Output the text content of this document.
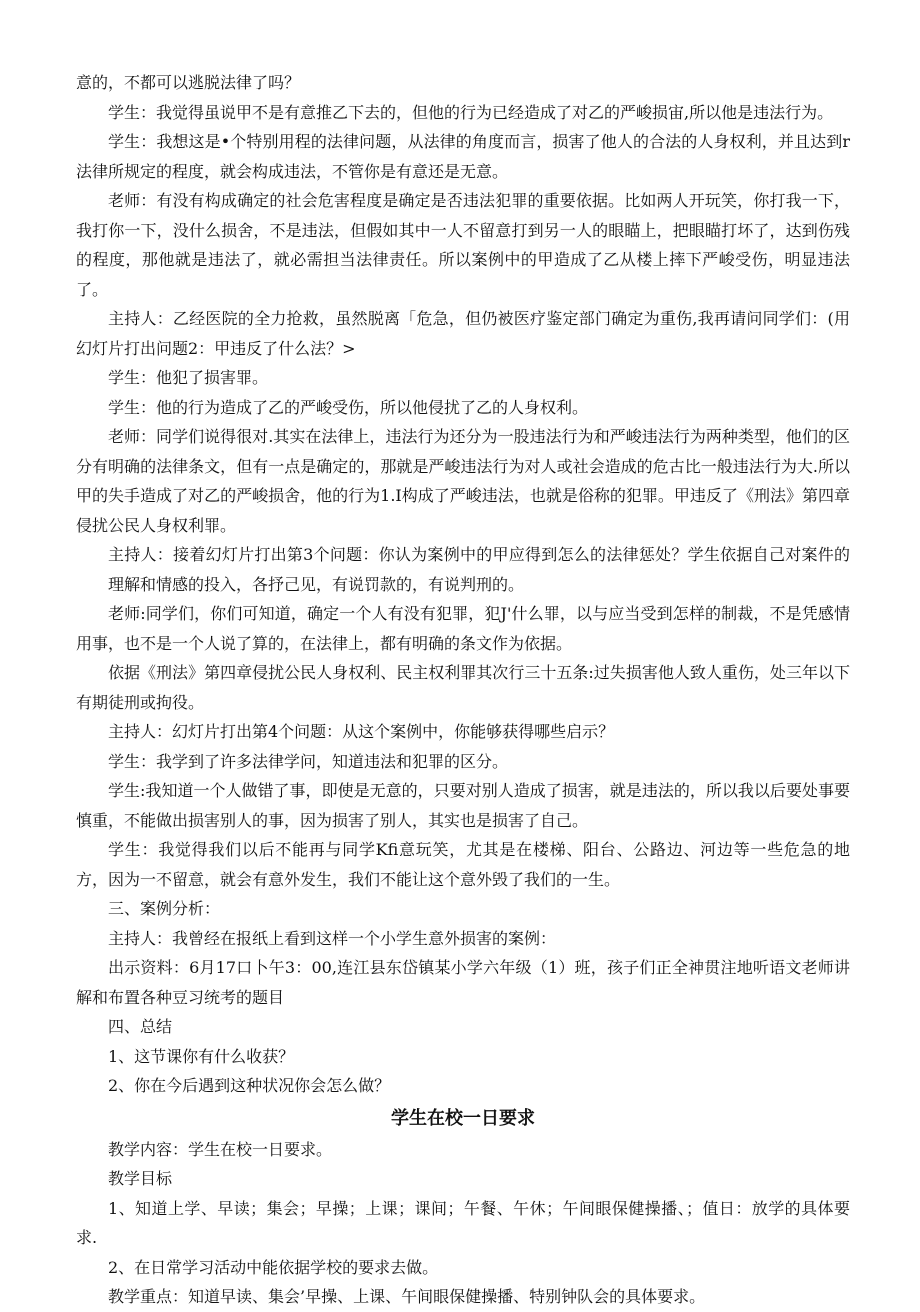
意的，不都可以逃脱法律了吗？

学生：我觉得虽说甲不是有意推乙下去的，但他的行为已经造成了对乙的严峻损宙,所以他是违法行为。

学生：我想这是•个特别用程的法律问题，从法律的角度而言，损害了他人的合法的人身权利，并且达到r法律所规定的程度，就会构成违法，不管你是有意还是无意。

老师：有没有构成确定的社会危害程度是确定是否违法犯罪的重要依据。比如两人开玩笑，你打我一下，我打你一下，没什么损舍，不是违法，但假如其中一人不留意打到另一人的眼瞄上，把眼瞄打坏了，达到伤残的程度，那他就是违法了，就必需担当法律责任。所以案例中的甲造成了乙从楼上摔下严峻受伤，明显违法了。

主持人：乙经医院的全力抢救，虽然脱离「危急，但仍被医疗鉴定部门确定为重伤,我再请问同学们：(用幻灯片打出问题2：甲违反了什么法？>

学生：他犯了损害罪。

学生：他的行为造成了乙的严峻受伤，所以他侵扰了乙的人身权利。

老师：同学们说得很对.其实在法律上，违法行为还分为一股违法行为和严峻违法行为两种类型，他们的区分有明确的法律条文，但有一点是确定的，那就是严峻违法行为对人或社会造成的危古比一般违法行为大.所以甲的失手造成了对乙的严峻损舍，他的行为1.I构成了严峻违法，也就是俗称的犯罪。甲违反了《刑法》第四章侵扰公民人身权利罪。

主持人：接着幻灯片打出第3个问题：你认为案例中的甲应得到怎么的法律惩处？学生依据自己对案件的理解和情感的投入，各抒己见，有说罚款的，有说判刑的。

老师:同学们，你们可知道，确定一个人有没有犯罪，犯J'什么罪，以与应当受到怎样的制裁，不是凭感情用事，也不是一个人说了算的，在法律上，都有明确的条文作为依据。

依据《刑法》第四章侵扰公民人身权利、民主权利罪其次行三十五条:过失损害他人致人重伤，处三年以下有期徒刑或拘役。

主持人：幻灯片打出第4个问题：从这个案例中，你能够获得哪些启示？

学生：我学到了许多法律学问，知道违法和犯罪的区分。

学生:我知道一个人做错了事，即使是无意的，只要对别人造成了损害，就是违法的，所以我以后要处事要慎重，不能做出损害别人的事，因为损害了别人，其实也是损害了自己。

学生：我觉得我们以后不能再与同学Kfi意玩笑，尤其是在楼梯、阳台、公路边、河边等一些危急的地方，因为一不留意，就会有意外发生，我们不能让这个意外毁了我们的一生。

三、案例分析：

主持人：我曾经在报纸上看到这样一个小学生意外损害的案例：

出示资料：6月17口卜午3：00,连江县东岱镇某小学六年级（1）班，孩子们正全神贯注地听语文老师讲解和布置各种豆习统考的题目

四、总结

1、这节课你有什么收获？

2、你在今后遇到这种状况你会怎么做？

学生在校一日要求

教学内容：学生在校一日要求。

教学目标

1、知道上学、早读；集会；早操；上课；课间；午餐、午休；午间眼保健操播、；值日：放学的具体要求.

2、在日常学习活动中能依据学校的要求去做。

教学重点：知道早读、集会’早操、上课、午间眼保健操播、特别钟队会的具体要求。
